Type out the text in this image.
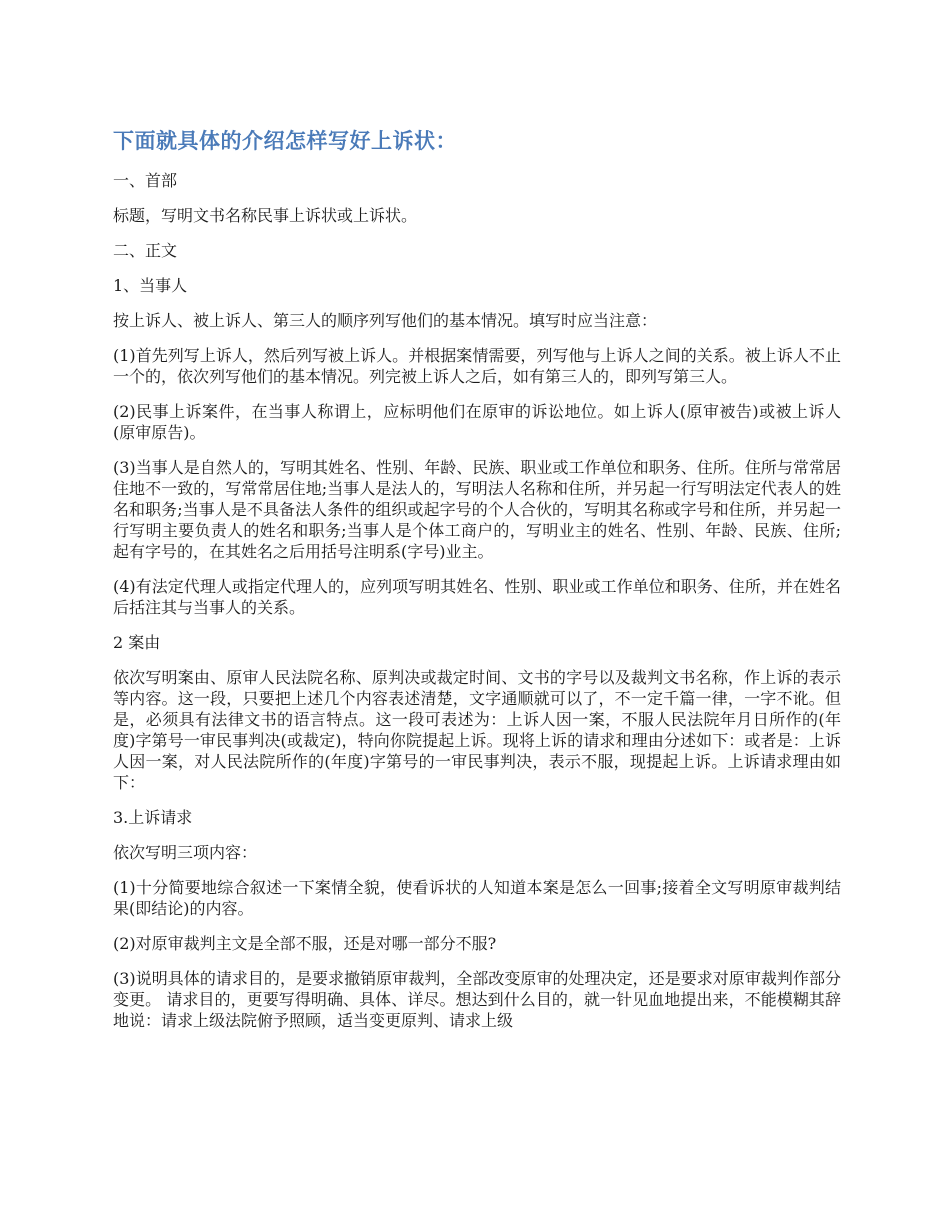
下面就具体的介绍怎样写好上诉状：

一、首部

标题，写明文书名称民事上诉状或上诉状。

二、正文

1、当事人

按上诉人、被上诉人、第三人的顺序列写他们的基本情况。填写时应当注意：

(1)首先列写上诉人，然后列写被上诉人。并根据案情需要，列写他与上诉人之间的关系。被上诉人不止一个的，依次列写他们的基本情况。列完被上诉人之后，如有第三人的，即列写第三人。

(2)民事上诉案件，在当事人称谓上，应标明他们在原审的诉讼地位。如上诉人(原审被告)或被上诉人(原审原告)。

(3)当事人是自然人的，写明其姓名、性别、年龄、民族、职业或工作单位和职务、住所。住所与常常居住地不一致的，写常常居住地;当事人是法人的，写明法人名称和住所，并另起一行写明法定代表人的姓名和职务;当事人是不具备法人条件的组织或起字号的个人合伙的，写明其名称或字号和住所，并另起一行写明主要负责人的姓名和职务;当事人是个体工商户的，写明业主的姓名、性别、年龄、民族、住所;起有字号的，在其姓名之后用括号注明系(字号)业主。

(4)有法定代理人或指定代理人的，应列项写明其姓名、性别、职业或工作单位和职务、住所，并在姓名后括注其与当事人的关系。

2 案由

依次写明案由、原审人民法院名称、原判决或裁定时间、文书的字号以及裁判文书名称，作上诉的表示等内容。这一段，只要把上述几个内容表述清楚，文字通顺就可以了，不一定千篇一律，一字不讹。但是，必须具有法律文书的语言特点。这一段可表述为：上诉人因一案，不服人民法院年月日所作的(年度)字第号一审民事判决(或裁定)，特向你院提起上诉。现将上诉的请求和理由分述如下：或者是：上诉人因一案，对人民法院所作的(年度)字第号的一审民事判决，表示不服，现提起上诉。上诉请求理由如下：

3.上诉请求

依次写明三项内容：

(1)十分简要地综合叙述一下案情全貌，使看诉状的人知道本案是怎么一回事;接着全文写明原审裁判结果(即结论)的内容。

(2)对原审裁判主文是全部不服，还是对哪一部分不服?

(3)说明具体的请求目的，是要求撤销原审裁判，全部改变原审的处理决定，还是要求对原审裁判作部分变更。 请求目的，更要写得明确、具体、详尽。想达到什么目的，就一针见血地提出来，不能模糊其辞地说：请求上级法院俯予照顾，适当变更原判、请求上级
